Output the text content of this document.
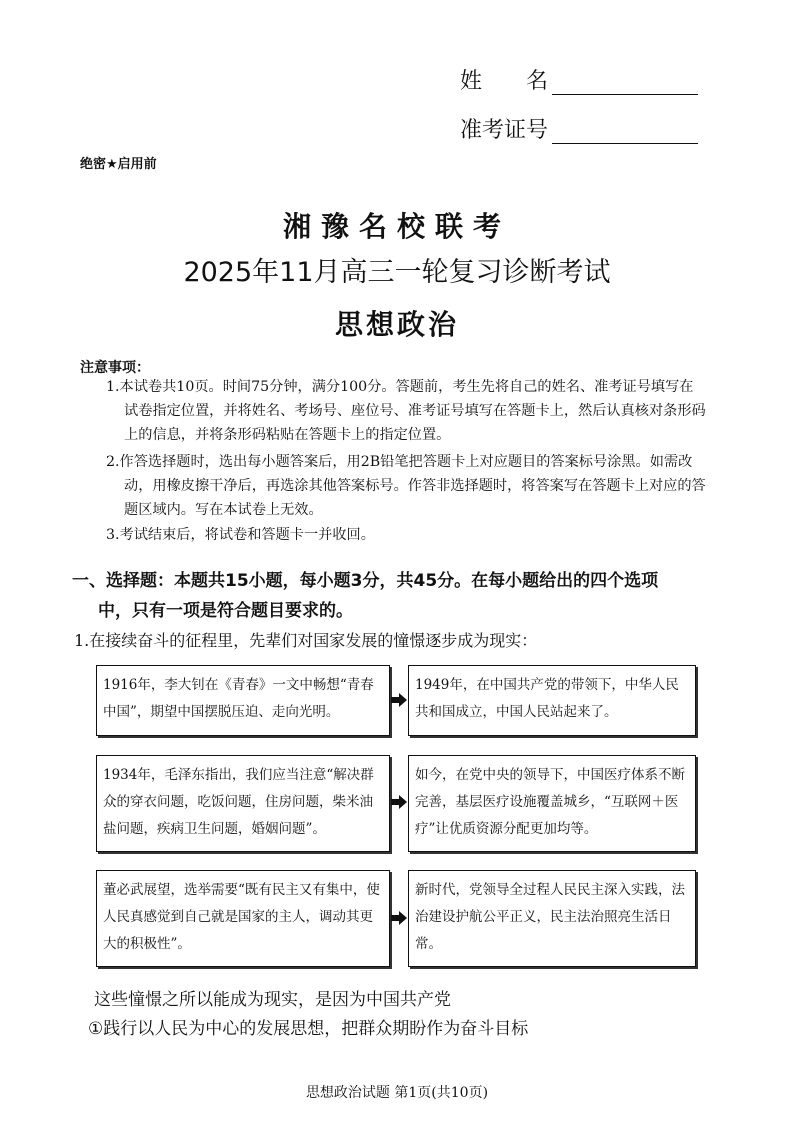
姓　　名
准考证号
绝密★启用前
湘豫名校联考
2025年11月高三一轮复习诊断考试
思想政治
注意事项：
1.本试卷共10页。时间75分钟，满分100分。答题前，考生先将自己的姓名、准考证号填写在试卷指定位置，并将姓名、考场号、座位号、准考证号填写在答题卡上，然后认真核对条形码上的信息，并将条形码粘贴在答题卡上的指定位置。
2.作答选择题时，选出每小题答案后，用2B铅笔把答题卡上对应题目的答案标号涂黑。如需改动，用橡皮擦干净后，再选涂其他答案标号。作答非选择题时，将答案写在答题卡上对应的答题区域内。写在本试卷上无效。
3.考试结束后，将试卷和答题卡一并收回。
一、选择题：本题共15小题，每小题3分，共45分。在每小题给出的四个选项
中，只有一项是符合题目要求的。
1.在接续奋斗的征程里，先辈们对国家发展的憧憬逐步成为现实：
1916年，李大钊在《青春》一文中畅想“青春中国”，期望中国摆脱压迫、走向光明。
1949年，在中国共产党的带领下，中华人民共和国成立，中国人民站起来了。
1934年，毛泽东指出，我们应当注意“解决群众的穿衣问题，吃饭问题，住房问题，柴米油盐问题，疾病卫生问题，婚姻问题”。
如今，在党中央的领导下，中国医疗体系不断完善，基层医疗设施覆盖城乡，“互联网＋医疗”让优质资源分配更加均等。
董必武展望，选举需要“既有民主又有集中，使人民真感觉到自己就是国家的主人，调动其更大的积极性”。
新时代，党领导全过程人民民主深入实践，法治建设护航公平正义，民主法治照亮生活日常。
这些憧憬之所以能成为现实，是因为中国共产党
①践行以人民为中心的发展思想，把群众期盼作为奋斗目标
思想政治试题 第1页(共10页)
